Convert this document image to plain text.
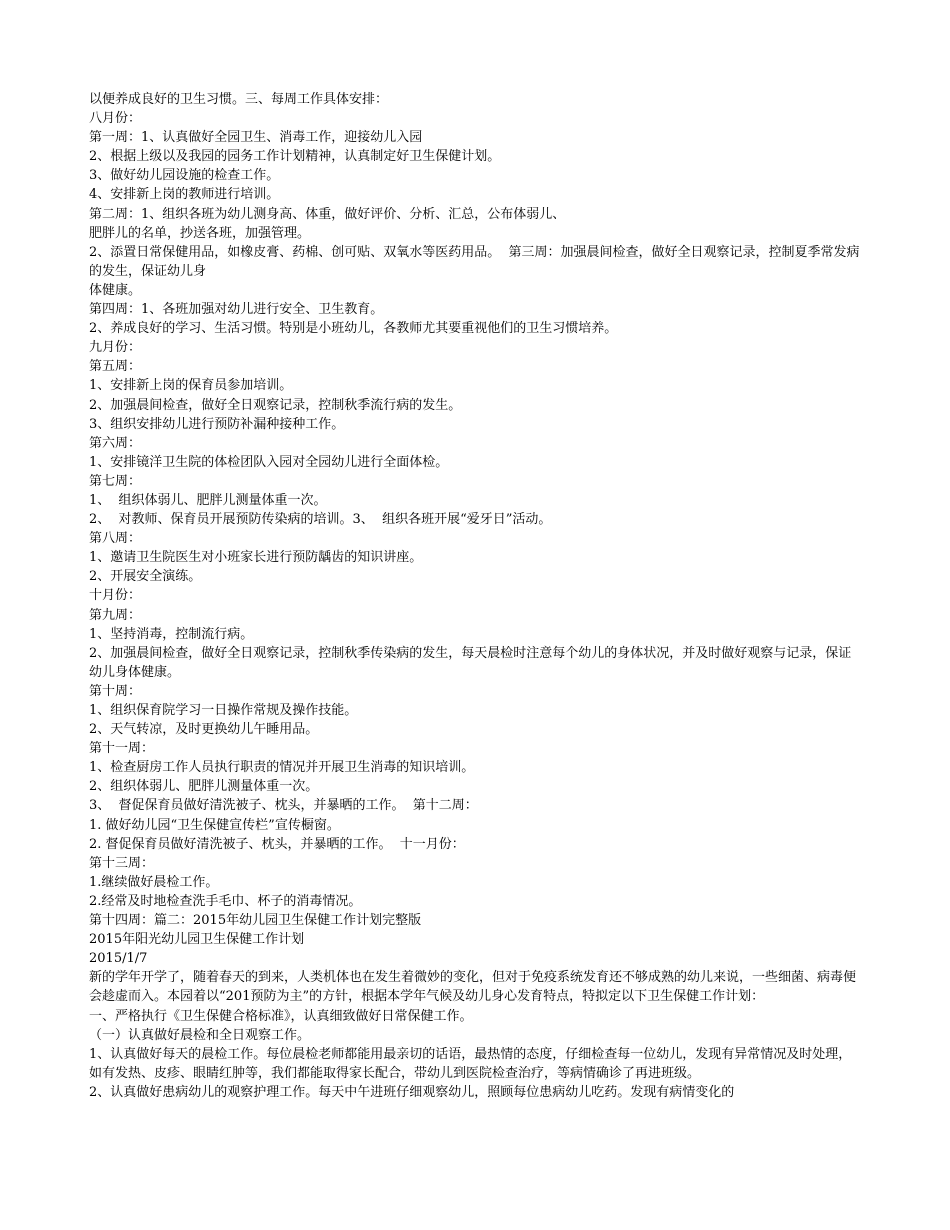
以便养成良好的卫生习惯。三、每周工作具体安排：

八月份：

第一周：1、认真做好全园卫生、消毒工作，迎接幼儿入园

2、根据上级以及我园的园务工作计划精神，认真制定好卫生保健计划。

3、做好幼儿园设施的检查工作。

4、安排新上岗的教师进行培训。

第二周：1、组织各班为幼儿测身高、体重，做好评价、分析、汇总，公布体弱儿、

肥胖儿的名单，抄送各班，加强管理。

2、添置日常保健用品，如橡皮膏、药棉、创可贴、双氧水等医药用品。  第三周：加强晨间检查，做好全日观察记录，控制夏季常发病的发生，保证幼儿身

体健康。

第四周：1、各班加强对幼儿进行安全、卫生教育。

2、养成良好的学习、生活习惯。特别是小班幼儿，各教师尤其要重视他们的卫生习惯培养。

九月份：

第五周：

1、安排新上岗的保育员参加培训。

2、加强晨间检查，做好全日观察记录，控制秋季流行病的发生。

3、组织安排幼儿进行预防补漏种接种工作。

第六周：

1、安排镜洋卫生院的体检团队入园对全园幼儿进行全面体检。

第七周：

1、  组织体弱儿、肥胖儿测量体重一次。

2、  对教师、保育员开展预防传染病的培训。3、  组织各班开展“爱牙日”活动。

第八周：

1、邀请卫生院医生对小班家长进行预防龋齿的知识讲座。

2、开展安全演练。

十月份：

第九周：

1、坚持消毒，控制流行病。

2、加强晨间检查，做好全日观察记录，控制秋季传染病的发生，每天晨检时注意每个幼儿的身体状况，并及时做好观察与记录，保证幼儿身体健康。

第十周：

1、组织保育院学习一日操作常规及操作技能。

2、天气转凉，及时更换幼儿午睡用品。

第十一周：

1、检查厨房工作人员执行职责的情况并开展卫生消毒的知识培训。

2、组织体弱儿、肥胖儿测量体重一次。

3、  督促保育员做好清洗被子、枕头，并暴晒的工作。  第十二周：

1. 做好幼儿园“卫生保健宣传栏”宣传橱窗。

2. 督促保育员做好清洗被子、枕头，并暴晒的工作。  十一月份：

第十三周：

1.继续做好晨检工作。

2.经常及时地检查洗手毛巾、杯子的消毒情况。

第十四周：篇二：2015年幼儿园卫生保健工作计划完整版

2015年阳光幼儿园卫生保健工作计划

2015/1/7

新的学年开学了，随着春天的到来，人类机体也在发生着微妙的变化，但对于免疫系统发育还不够成熟的幼儿来说，一些细菌、病毒便会趁虚而入。本园着以“201预防为主”的方针，根据本学年气候及幼儿身心发育特点，特拟定以下卫生保健工作计划：

一、严格执行《卫生保健合格标准》，认真细致做好日常保健工作。

（一）认真做好晨检和全日观察工作。

1、认真做好每天的晨检工作。每位晨检老师都能用最亲切的话语，最热情的态度，仔细检查每一位幼儿，发现有异常情况及时处理，如有发热、皮疹、眼睛红肿等，我们都能取得家长配合，带幼儿到医院检查治疗，等病情确诊了再进班级。

2、认真做好患病幼儿的观察护理工作。每天中午进班仔细观察幼儿，照顾每位患病幼儿吃药。发现有病情变化的
